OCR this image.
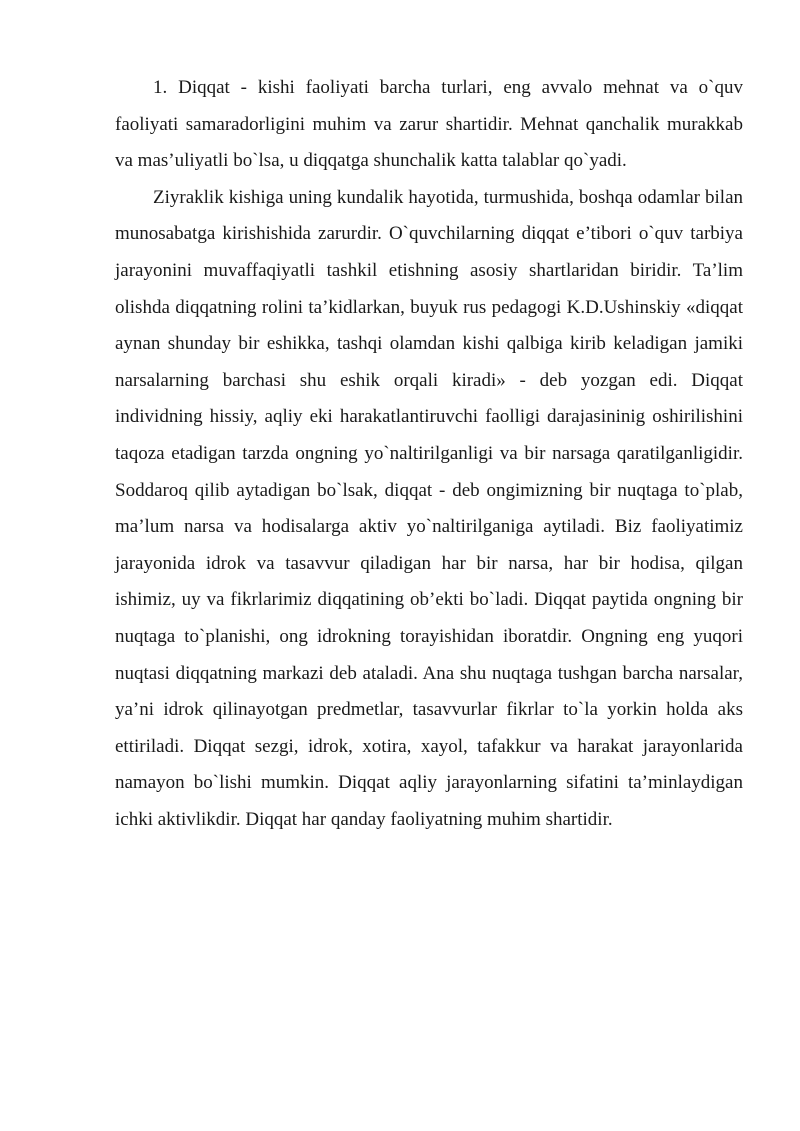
1. Diqqat - kishi faoliyati barcha turlari, eng avvalo mehnat va o`quv faoliyati samaradorligini muhim va zarur shartidir. Mehnat qanchalik murakkab va mas’uliyatli bo`lsa, u diqqatga shunchalik katta talablar qo`yadi.

Ziyraklik kishiga uning kundalik hayotida, turmushida, boshqa odamlar bilan munosabatga kirishishida zarurdir. O`quvchilarning diqqat e’tibori o`quv tarbiya jarayonini muvaffaqiyatli tashkil etishning asosiy shartlaridan biridir. Ta’lim olishda diqqatning rolini ta’kidlarkan, buyuk rus pedagogi K.D.Ushinskiy «diqqat aynan shunday bir eshikka, tashqi olamdan kishi qalbiga kirib keladigan jamiki narsalarning barchasi shu eshik orqali kiradi» - deb yozgan edi. Diqqat individning hissiy, aqliy eki harakatlantiruvchi faolligi darajasininig oshirilishini taqoza etadigan tarzda ongning yo`naltirilganligi va bir narsaga qaratilganligidir. Soddaroq qilib aytadigan bo`lsak, diqqat - deb ongimizning bir nuqtaga to`plab, ma’lum narsa va hodisalarga aktiv yo`naltirilganiga aytiladi. Biz faoliyatimiz jarayonida idrok va tasavvur qiladigan har bir narsa, har bir hodisa, qilgan ishimiz, uy va fikrlarimiz diqqatining ob’ekti bo`ladi. Diqqat paytida ongning bir nuqtaga to`planishi, ong idrokning torayishidan iboratdir. Ongning eng yuqori nuqtasi diqqatning markazi deb ataladi. Ana shu nuqtaga tushgan barcha narsalar, ya’ni idrok qilinayotgan predmetlar, tasavvurlar fikrlar to`la yorkin holda aks ettiriladi. Diqqat sezgi, idrok, xotira, xayol, tafakkur va harakat jarayonlarida namayon bo`lishi mumkin. Diqqat aqliy jarayonlarning sifatini ta’minlaydigan ichki aktivlikdir. Diqqat har qanday faoliyatning muhim shartidir.
